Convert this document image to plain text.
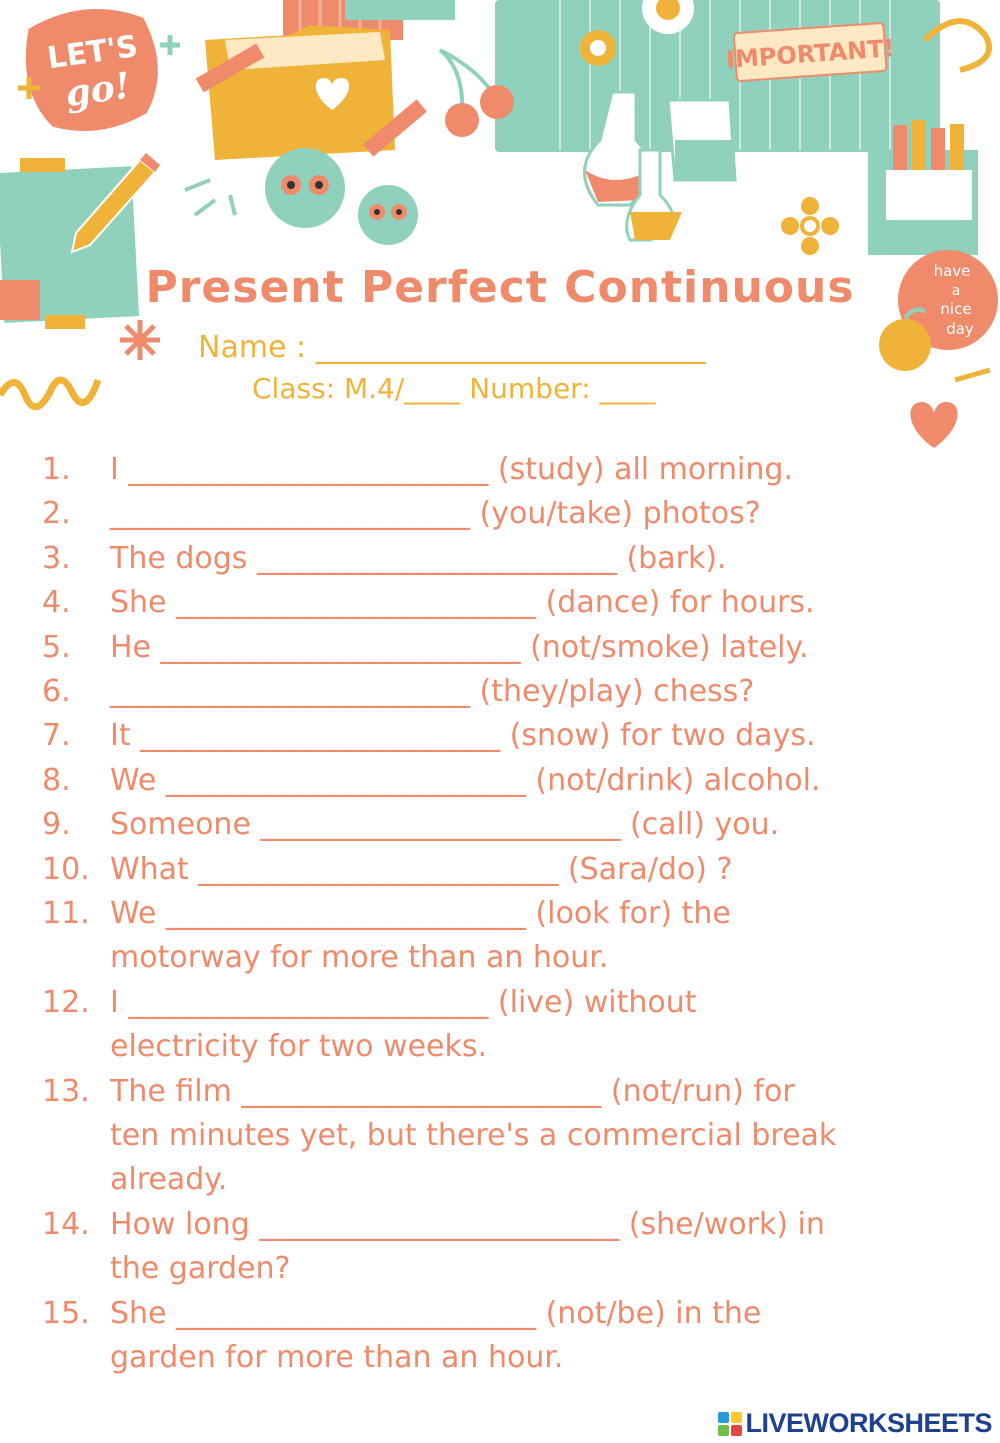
IMPORTANT!
have
a
nice
day
LET'S
go!
Present Perfect Continuous
Name : __________________________
Class: M.4/____ Number: ____
1.	I ________________________ (study) all morning.
2.	________________________ (you/take) photos?
3.	The dogs ________________________ (bark).
4.	She ________________________ (dance) for hours.
5.	He ________________________ (not/smoke) lately.
6.	________________________ (they/play) chess?
7.	It ________________________ (snow) for two days.
8.	We ________________________ (not/drink) alcohol.
9.	Someone ________________________ (call) you.
10. What ________________________ (Sara/do) ?
11. We ________________________ (look for) the
motorway for more than an hour.
12. I ________________________ (live) without
electricity for two weeks.
13. The film ________________________ (not/run) for
ten minutes yet, but there's a commercial break
already.
14. How long ________________________ (she/work) in
the garden?
15. She ________________________ (not/be) in the
garden for more than an hour.
LIVEWORKSHEETS
